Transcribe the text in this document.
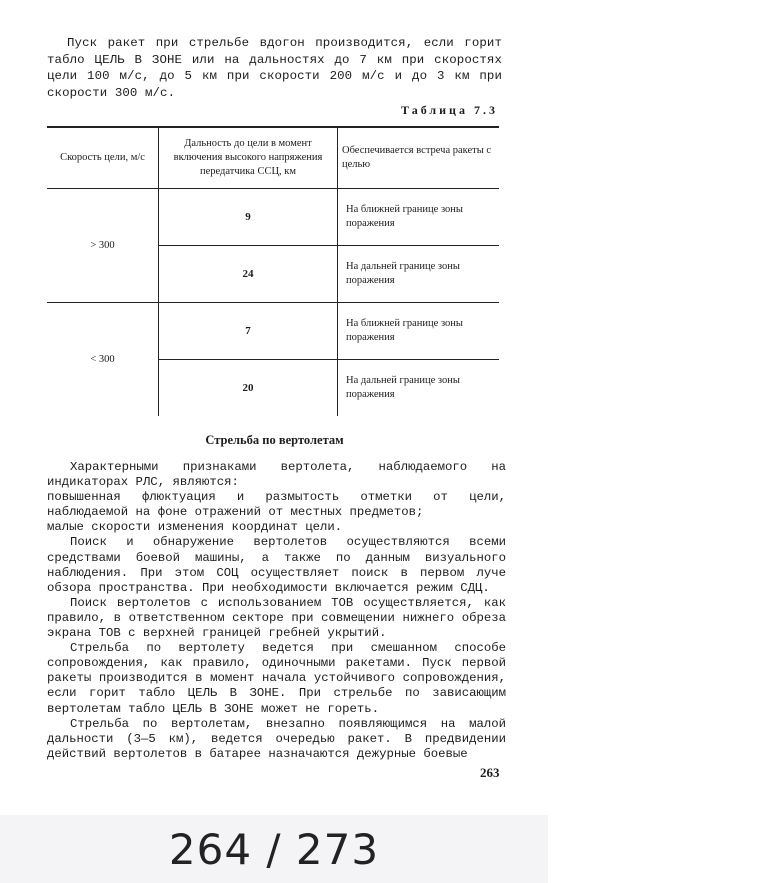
Пуск ракет при стрельбе вдогон производится, если горит табло ЦЕЛЬ В ЗОНЕ или на дальностях до 7 км при скоростях цели 100 м/с, до 5 км при скорости 200 м/с и до 3 км при скорости 300 м/с.

Таблица 7.3
Скорость цели, м/с	Дальность до цели в момент включения высокого напряжения передатчика ССЦ, км	Обеспечивается встреча ракеты с целью
> 300	9	На ближней границе зоны поражения
	24	На дальней границе зоны поражения
< 300	7	На ближней границе зоны поражения
	20	На дальней границе зоны поражения
Стрельба по вертолетам

Характерными признаками вертолета, наблюдаемого на индикаторах РЛС, являются:

повышенная флюктуация и размытость отметки от цели, наблюдаемой на фоне отражений от местных предметов;

малые скорости изменения координат цели.

Поиск и обнаружение вертолетов осуществляются всеми средствами боевой машины, а также по данным визуального наблюдения. При этом СОЦ осуществляет поиск в первом луче обзора пространства. При необходимости включается режим СДЦ.

Поиск вертолетов с использованием ТОВ осуществляется, как правило, в ответственном секторе при совмещении нижнего обреза экрана ТОВ с верхней границей гребней укрытий.

Стрельба по вертолету ведется при смешанном способе сопровождения, как правило, одиночными ракетами. Пуск первой ракеты производится в момент начала устойчивого сопровождения, если горит табло ЦЕЛЬ В ЗОНЕ. При стрельбе по зависающим вертолетам табло ЦЕЛЬ В ЗОНЕ может не гореть.

Стрельба по вертолетам, внезапно появляющимся на малой дальности (3—5 км), ведется очередью ракет. В предвидении действий вертолетов в батарее назначаются дежурные боевые

263
264 / 273
